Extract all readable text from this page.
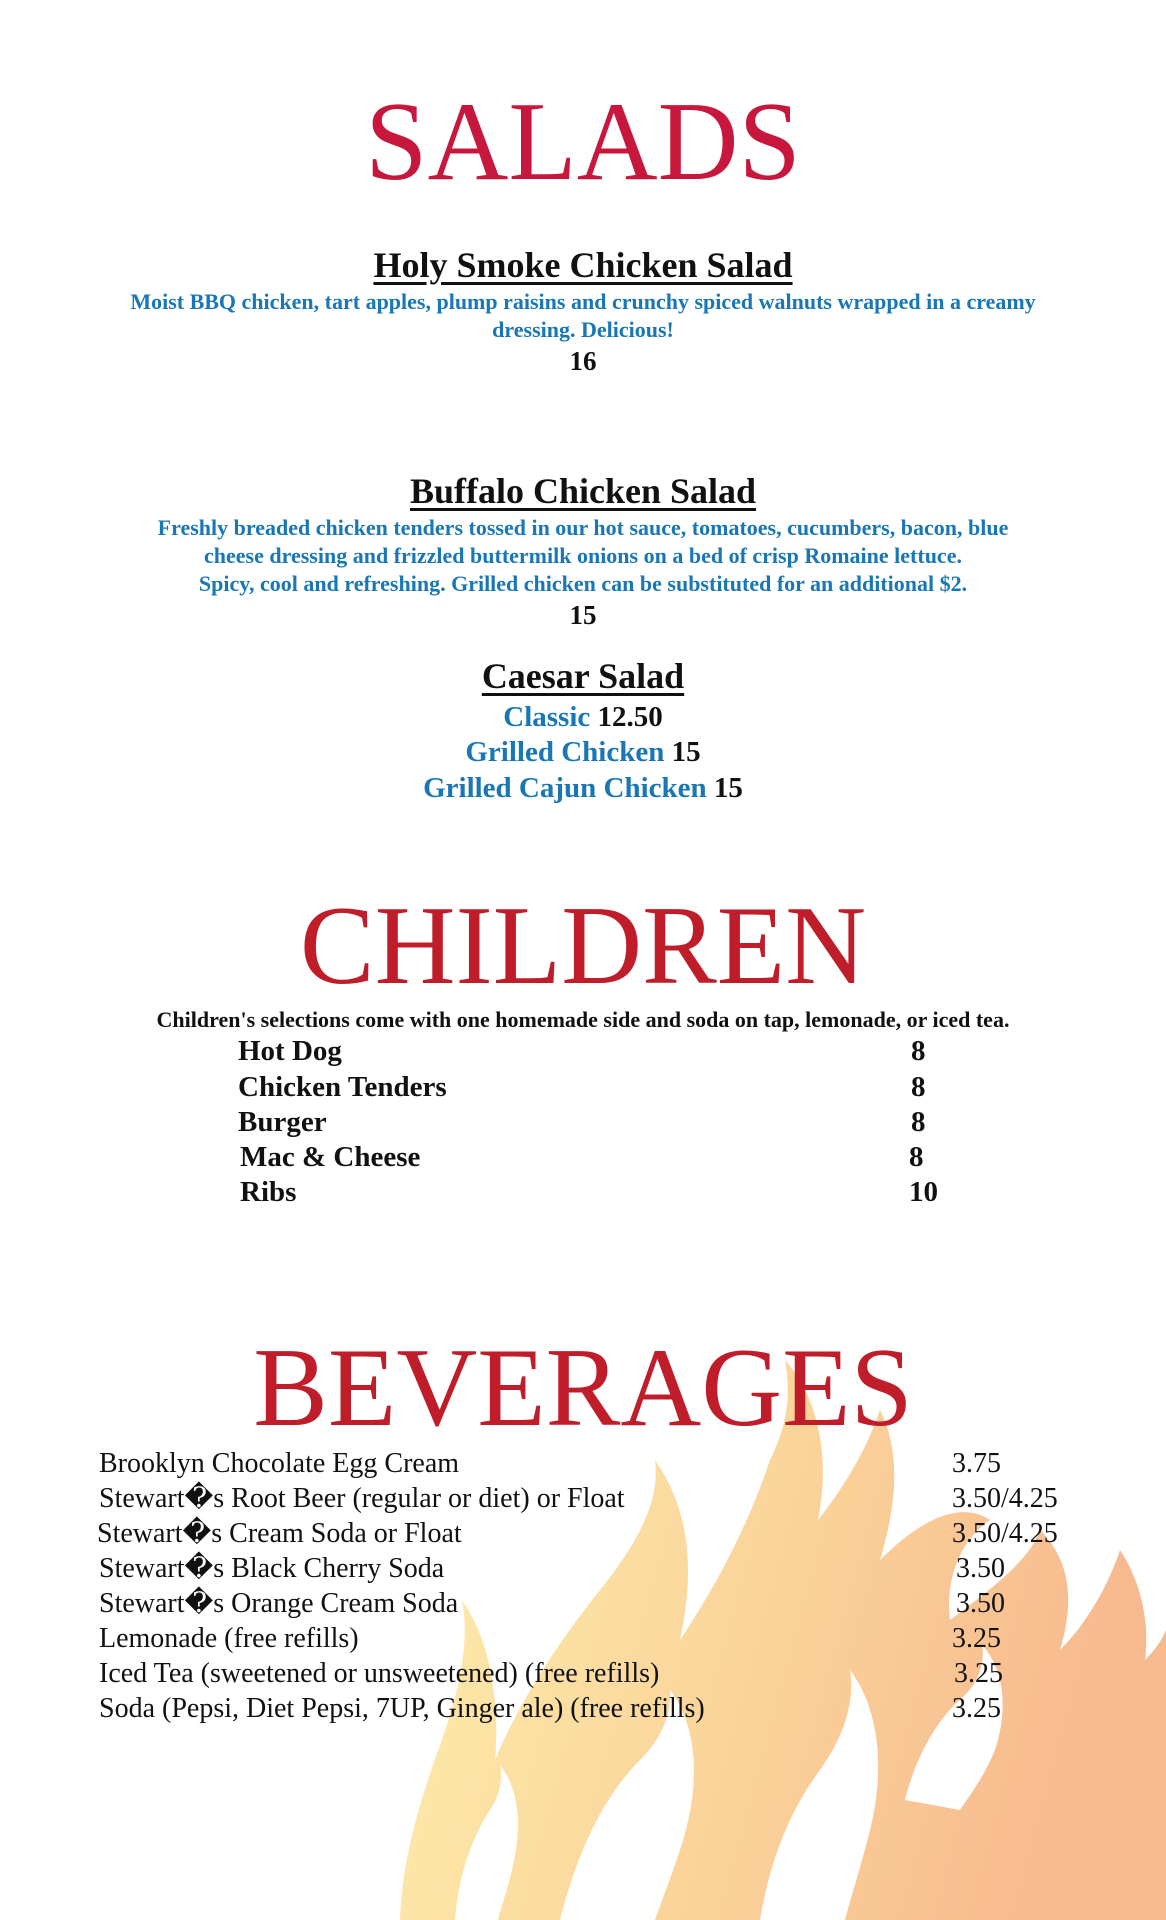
SALADS
Holy Smoke Chicken Salad
Moist BBQ chicken, tart apples, plump raisins and crunchy spiced walnuts wrapped in a creamy
dressing. Delicious!
16
Buffalo Chicken Salad
Freshly breaded chicken tenders tossed in our hot sauce, tomatoes, cucumbers, bacon, blue
cheese dressing and frizzled buttermilk onions on a bed of crisp Romaine lettuce.
Spicy, cool and refreshing. Grilled chicken can be substituted for an additional $2.
15
Caesar Salad
Classic 12.50
Grilled Chicken 15
Grilled Cajun Chicken 15
CHILDREN
Children's selections come with one homemade side and soda on tap, lemonade, or iced tea.
Hot Dog	8
Chicken Tenders	8
Burger	8
Mac & Cheese	8
Ribs	10
BEVERAGES
Brooklyn Chocolate Egg Cream	3.75
Stewart�s Root Beer (regular or diet) or Float	3.50/4.25
Stewart�s Cream Soda or Float	3.50/4.25
Stewart�s Black Cherry Soda	3.50
Stewart�s Orange Cream Soda	3.50
Lemonade (free refills)	3.25
Iced Tea (sweetened or unsweetened) (free refills)	3.25
Soda (Pepsi, Diet Pepsi, 7UP, Ginger ale) (free refills)	3.25
